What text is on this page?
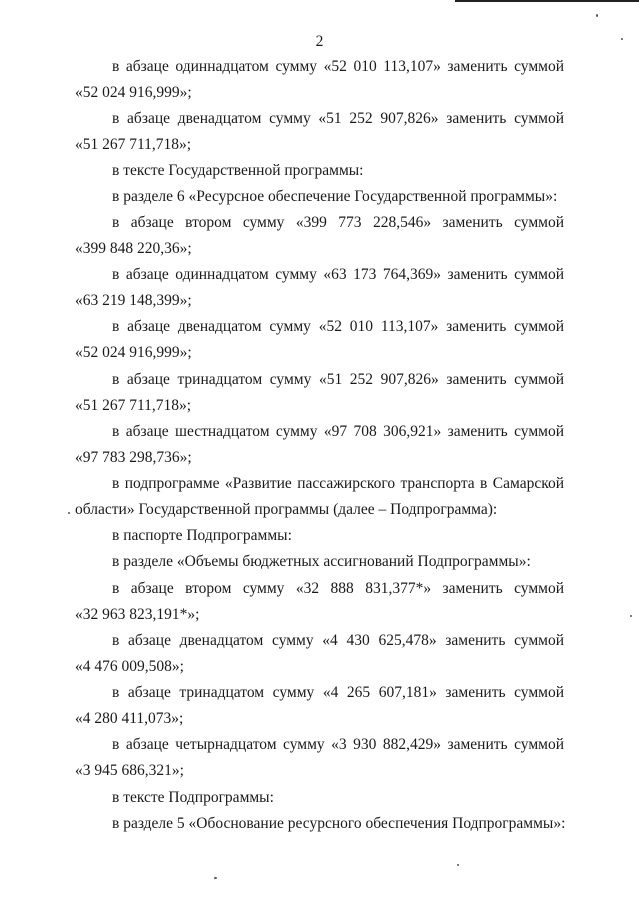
2
в абзаце одиннадцатом сумму «52 010 113,107» заменить суммой
«52 024 916,999»;
в абзаце двенадцатом сумму «51 252 907,826» заменить суммой
«51 267 711,718»;
в тексте Государственной программы:
в разделе 6 «Ресурсное обеспечение Государственной программы»:
в абзаце втором сумму «399 773 228,546» заменить суммой
«399 848 220,36»;
в абзаце одиннадцатом сумму «63 173 764,369» заменить суммой
«63 219 148,399»;
в абзаце двенадцатом сумму «52 010 113,107» заменить суммой
«52 024 916,999»;
в абзаце тринадцатом сумму «51 252 907,826» заменить суммой
«51 267 711,718»;
в абзаце шестнадцатом сумму «97 708 306,921» заменить суммой
«97 783 298,736»;
в подпрограмме «Развитие пассажирского транспорта в Самарской
области» Государственной программы (далее – Подпрограмма):
в паспорте Подпрограммы:
в разделе «Объемы бюджетных ассигнований Подпрограммы»:
в абзаце втором сумму «32 888 831,377*» заменить суммой
«32 963 823,191*»;
в абзаце двенадцатом сумму «4 430 625,478» заменить суммой
«4 476 009,508»;
в абзаце тринадцатом сумму «4 265 607,181» заменить суммой
«4 280 411,073»;
в абзаце четырнадцатом сумму «3 930 882,429» заменить суммой
«3 945 686,321»;
в тексте Подпрограммы:
в разделе 5 «Обоснование ресурсного обеспечения Подпрограммы»:
